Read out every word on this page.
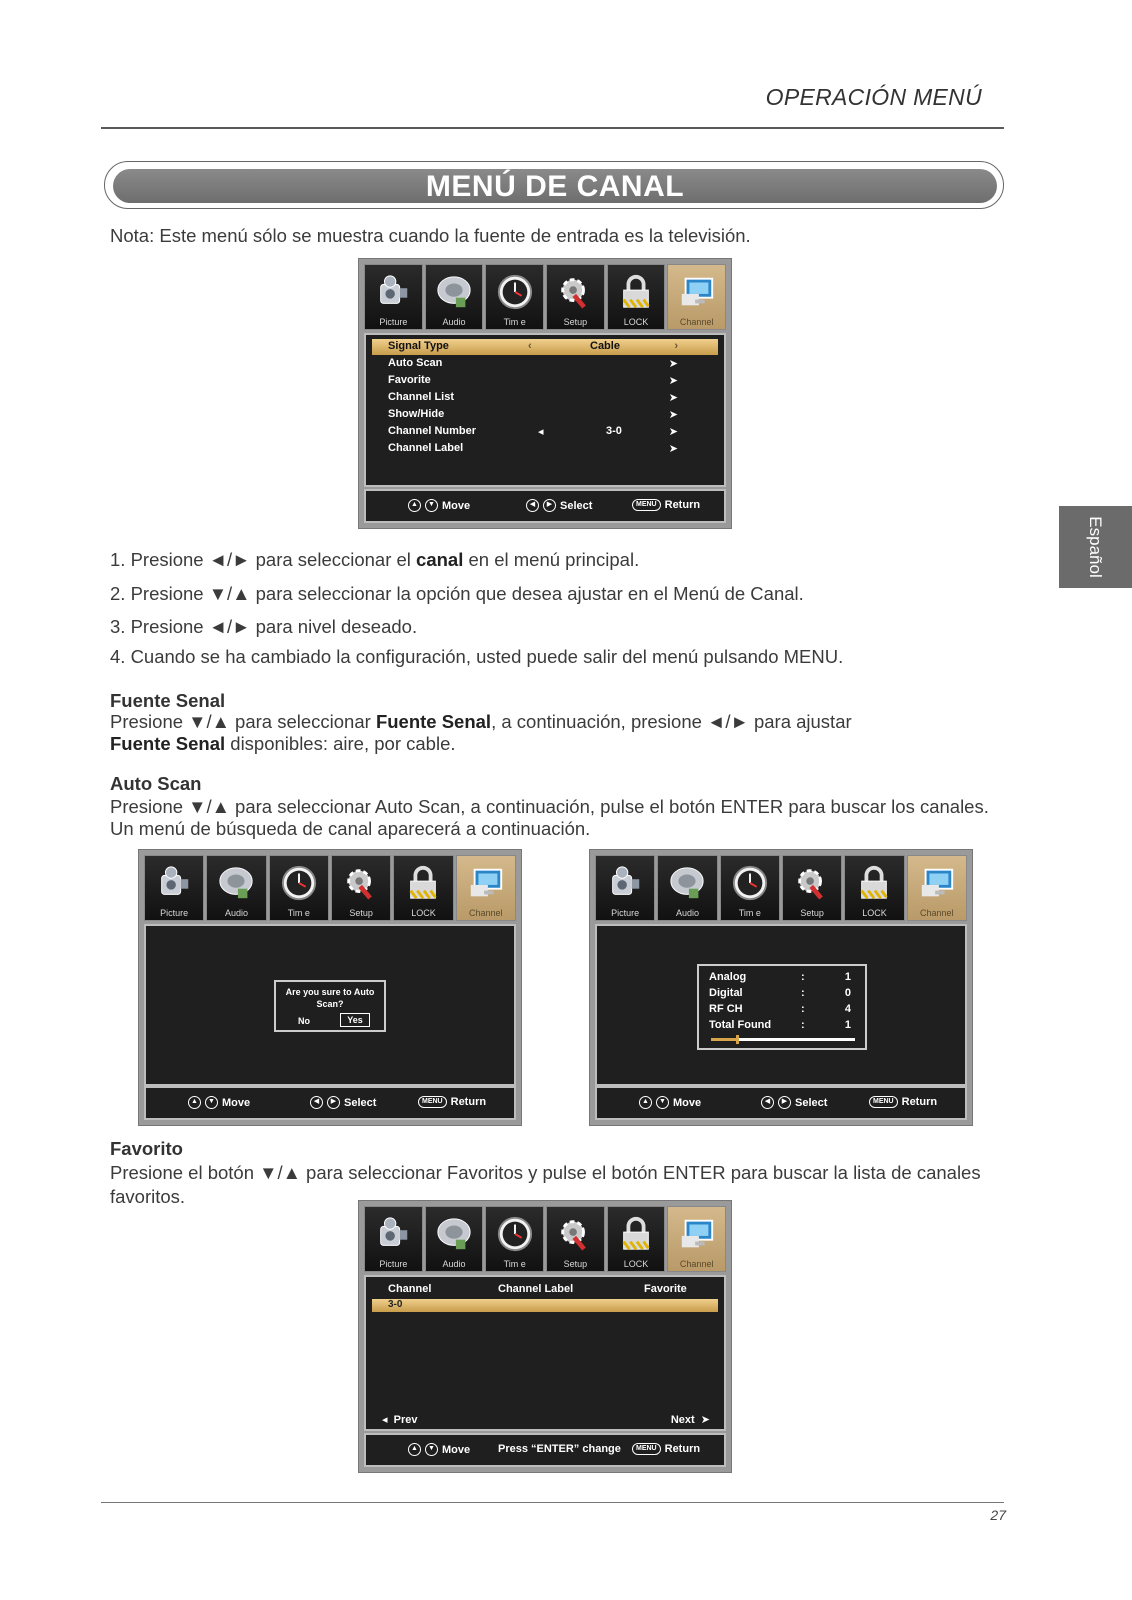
OPERACIÓN MENÚ
MENÚ DE CANAL
Español
Nota: Este menú sólo se muestra cuando la fuente de entrada es la televisión.
Picture	Audio	Tim e	Setup	LOCK	Channel
Signal Type	‹	Cable	›
Auto Scan	➤
Favorite	➤
Channel List	➤
Show/Hide	➤
Channel Number	◂	3-0	➤
Channel Label	➤
▲	▼ Move	◀	▶ Select	MENU Return
1. Presione ◄/► para seleccionar el canal en el menú principal.
2. Presione ▼/▲ para seleccionar la opción que desea ajustar en el Menú de Canal.
3. Presione ◄/► para nivel deseado.
4. Cuando se ha cambiado la configuración, usted puede salir del menú pulsando MENU.
Fuente Senal
Presione ▼/▲ para seleccionar Fuente Senal, a continuación, presione ◄/► para ajustar
Fuente Senal disponibles: aire, por cable.
Auto Scan
Presione ▼/▲ para seleccionar Auto Scan, a continuación, pulse el botón ENTER para buscar los canales.
Un menú de búsqueda de canal aparecerá a continuación.
Picture	Audio	Tim e	Setup	LOCK	Channel
Are you sure to Auto
Scan?
No	Yes
▲	▼ Move	◀	▶ Select	MENU Return
Picture	Audio	Tim e	Setup	LOCK	Channel
Analog	:	1
Digital	:	0
RF CH	:	4
Total Found	:	1
▲	▼ Move	◀	▶ Select	MENU Return
Favorito
Presione el botón ▼/▲ para seleccionar Favoritos y pulse el botón ENTER para buscar la lista de canales
favoritos.
Picture	Audio	Tim e	Setup	LOCK	Channel
Channel	Channel Label	Favorite
3-0
◂ Prev	Next ➤
▲	▼ Move	Press “ENTER” change	MENU Return
27
